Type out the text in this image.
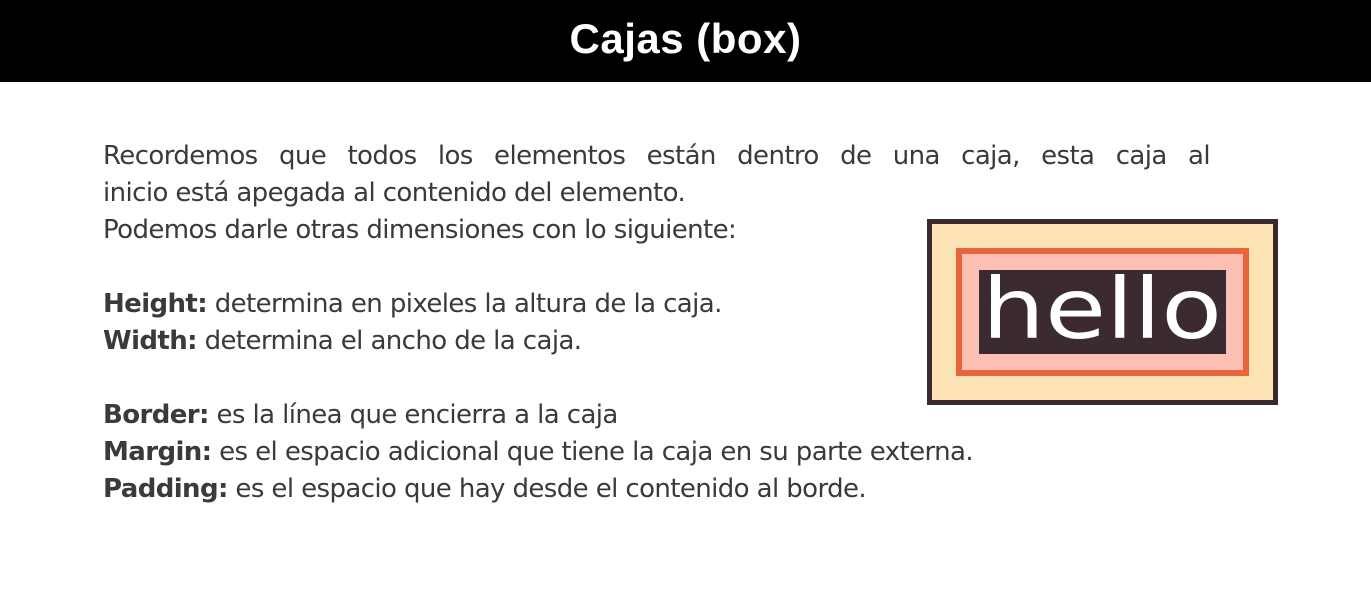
Cajas (box)

Recordemos que todos los elementos están dentro de una caja, esta caja al
inicio está apegada al contenido del elemento.
Podemos darle otras dimensiones con lo siguiente:

Height: determina en pixeles la altura de la caja.

Width: determina el ancho de la caja.

Border: es la línea que encierra a la caja

Margin: es el espacio adicional que tiene la caja en su parte externa.

Padding: es el espacio que hay desde el contenido al borde.

hello
